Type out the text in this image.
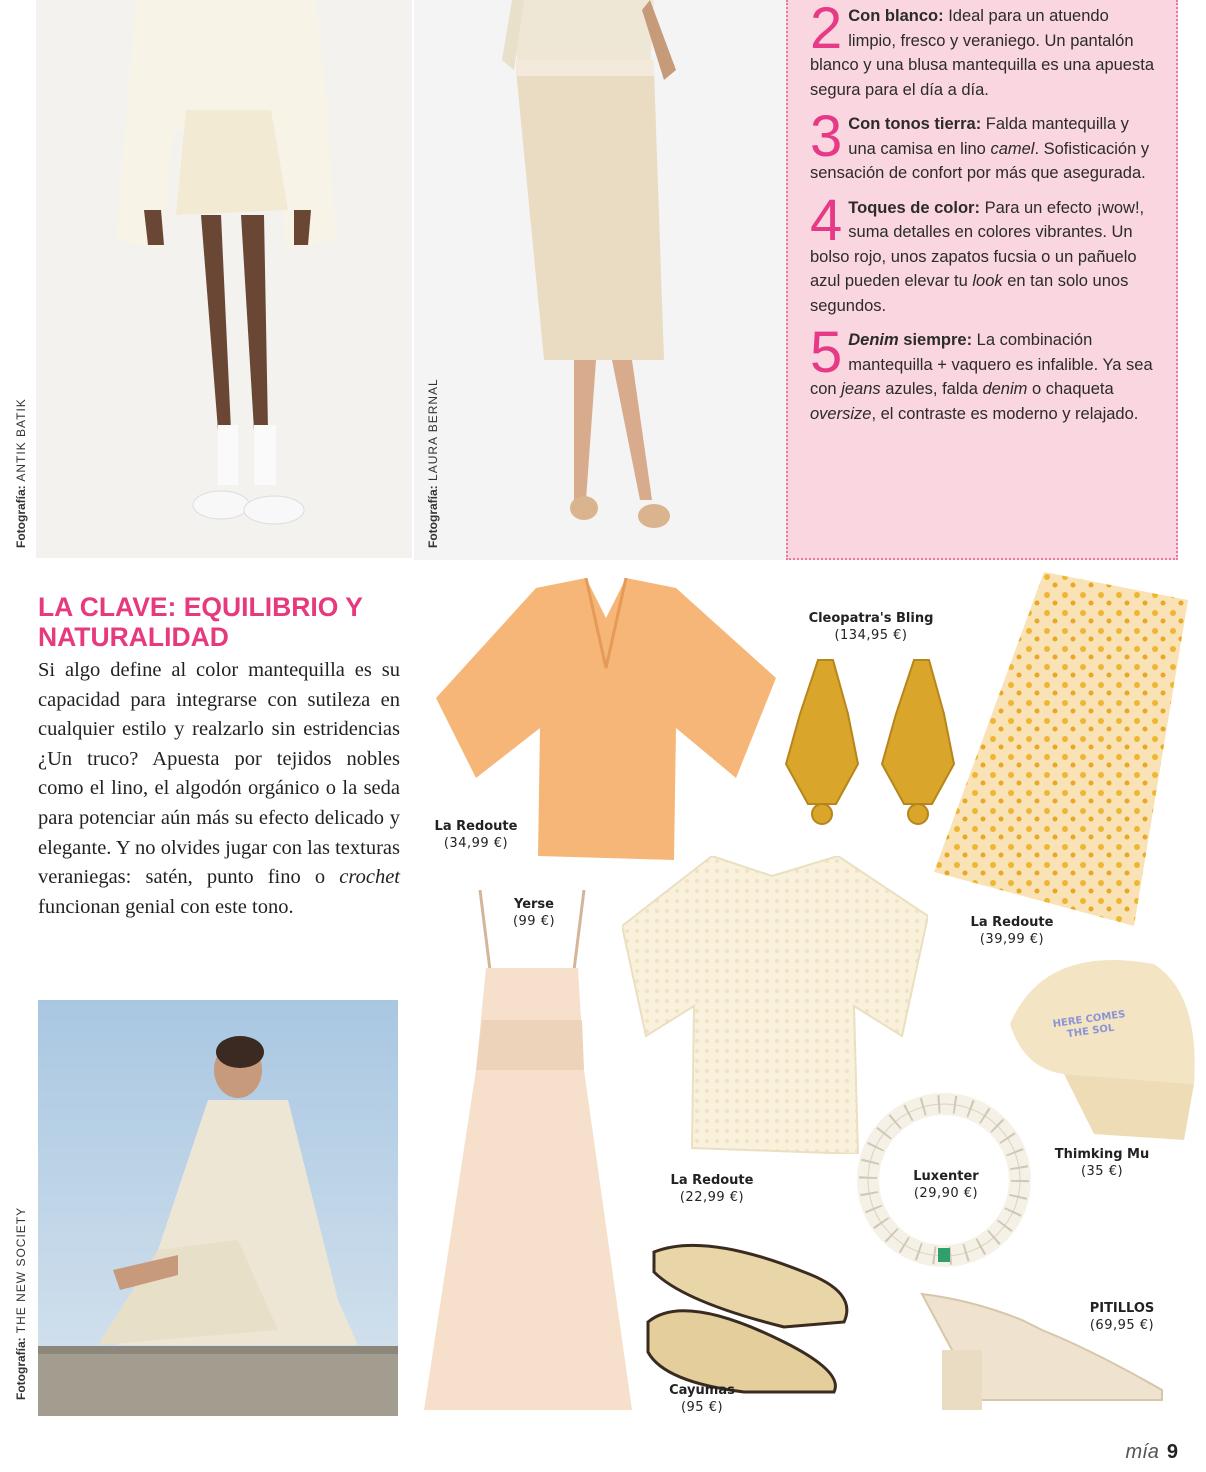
Fotografía: ANTIK BATIK
Fotografía: LAURA BERNAL
2 Con blanco: Ideal para un atuendo limpio, fresco y veraniego. Un pantalón blanco y una blusa mantequilla es una apuesta segura para el día a día.
3 Con tonos tierra: Falda mantequilla y una camisa en lino camel. Sofisticación y sensación de confort por más que asegurada.
4 Toques de color: Para un efecto ¡wow!, suma detalles en colores vibrantes. Un bolso rojo, unos zapatos fucsia o un pañuelo azul pueden elevar tu look en tan solo unos segundos.
5 Denim siempre: La combinación mantequilla + vaquero es infalible. Ya sea con jeans azules, falda denim o chaqueta oversize, el contraste es moderno y relajado.
LA CLAVE: EQUILIBRIO Y NATURALIDAD

Si algo define al color mantequilla es su capacidad para integrarse con sutileza en cualquier estilo y realzarlo sin estridencias ¿Un truco? Apuesta por tejidos nobles como el lino, el algodón orgánico o la seda para potenciar aún más su efecto delicado y elegante. Y no olvides jugar con las texturas veraniegas: satén, punto fino o crochet funcionan genial con este tono.

Fotografía: THE NEW SOCIETY
La Redoute
(34,99 €)
Cleopatra's Bling
(134,95 €)
La Redoute
(39,99 €)
Yerse
(99 €)
La Redoute
(22,99 €)
HERE COMES THE SOL
Thimking Mu
(35 €)
Luxenter
(29,90 €)
Cayumas
(95 €)
PITILLOS
(69,95 €)
mía 9
